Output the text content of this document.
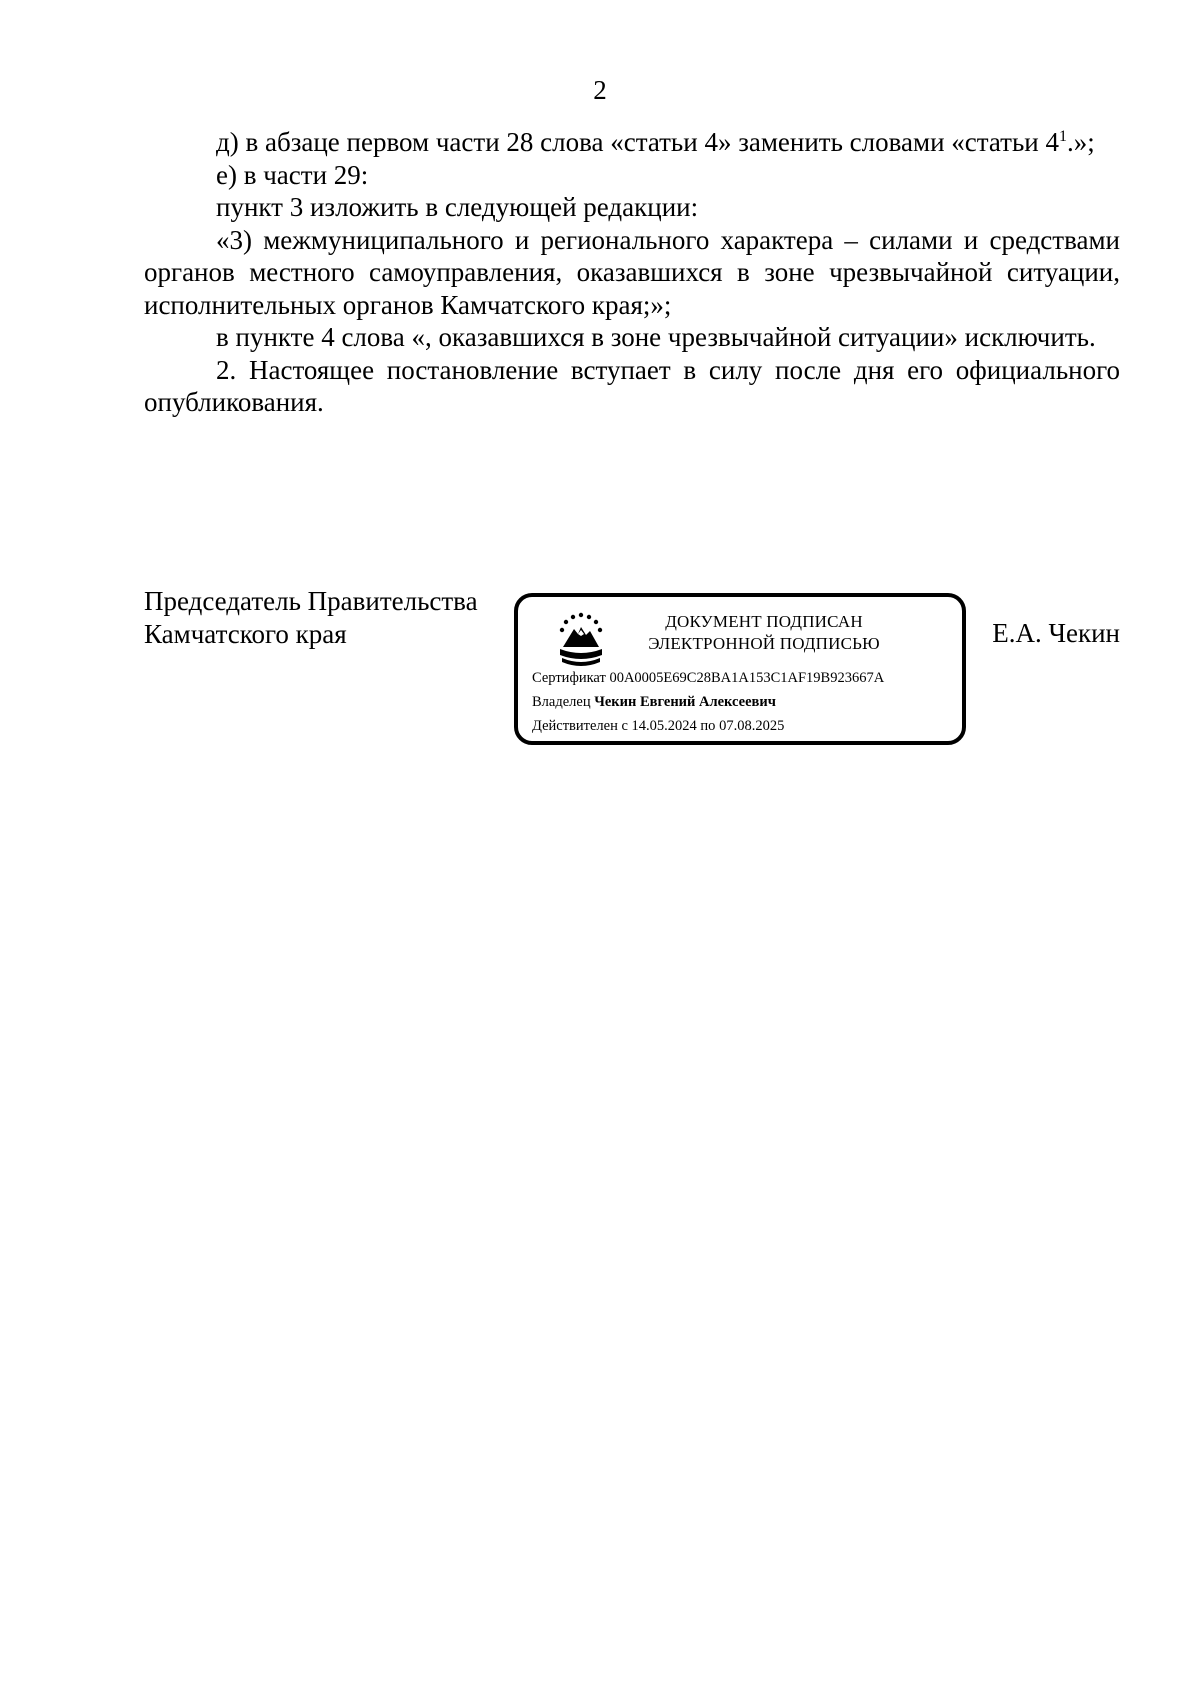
2

д) в абзаце первом части 28 слова «статьи 4» заменить словами «статьи $4^1$.»;

е) в части 29:

пункт 3 изложить в следующей редакции:

«3) межмуниципального и регионального характера – силами и средствами органов местного самоуправления, оказавшихся в зоне чрезвычайной ситуации, исполнительных органов Камчатского края;»;

в пункте 4 слова «, оказавшихся в зоне чрезвычайной ситуации» исключить.

2. Настоящее постановление вступает в силу после дня его официального опубликования.

Председатель Правительства
Камчатского края	ДОКУМЕНТ ПОДПИСАН
ЭЛЕКТРОННОЙ ПОДПИСЬЮ
Сертификат 00A0005E69C28BA1A153C1AF19B923667A
Владелец Чекин Евгений Алексеевич
Действителен с 14.05.2024 по 07.08.2025
Е.А. Чекин
